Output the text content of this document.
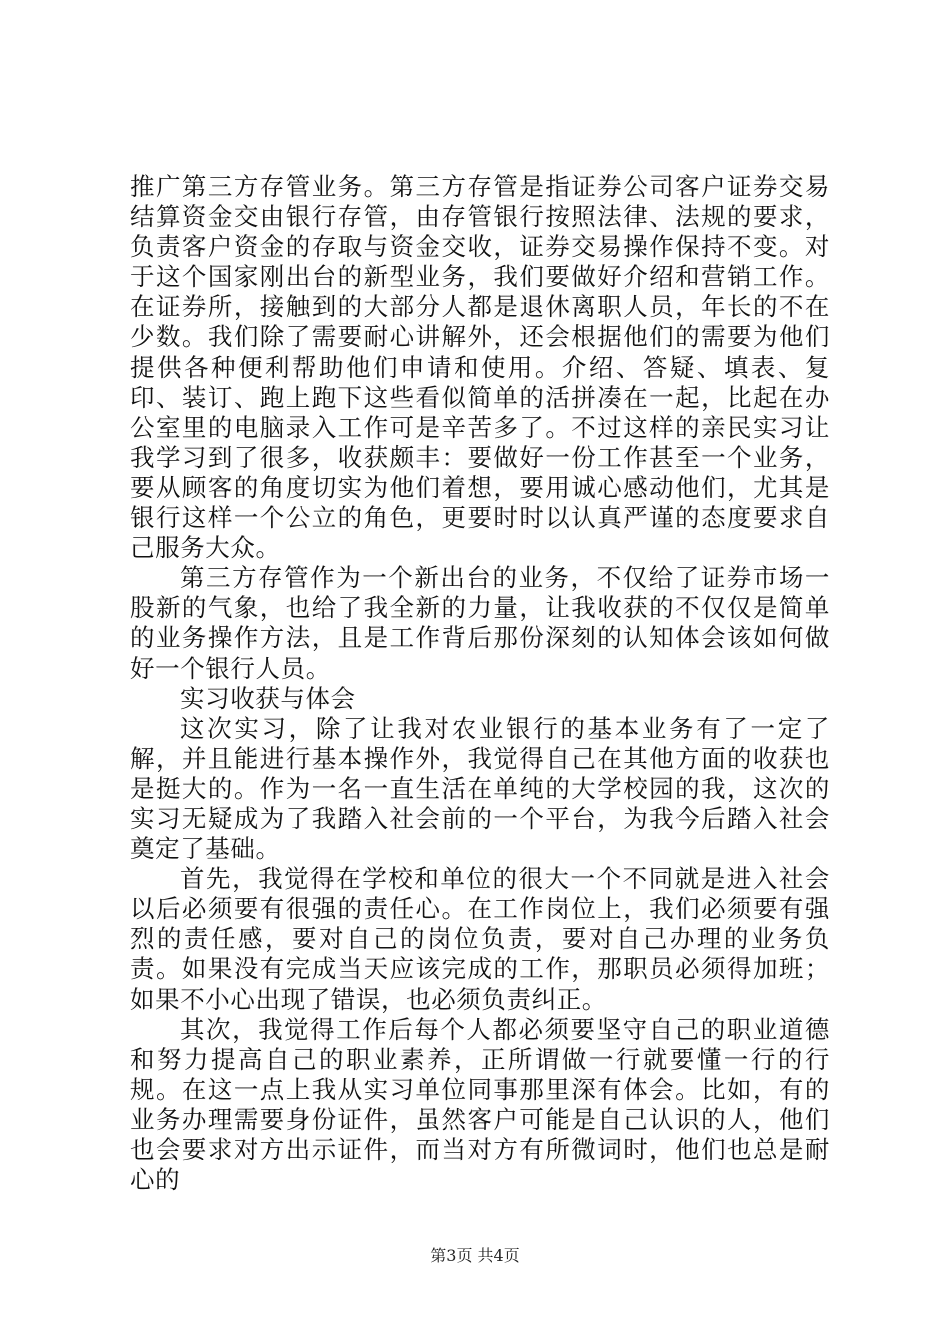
推广第三方存管业务。第三方存管是指证券公司客户证券交易结算资金交由银行存管，由存管银行按照法律、法规的要求，负责客户资金的存取与资金交收，证券交易操作保持不变。对于这个国家刚出台的新型业务，我们要做好介绍和营销工作。在证券所，接触到的大部分人都是退休离职人员，年长的不在少数。我们除了需要耐心讲解外，还会根据他们的需要为他们提供各种便利帮助他们申请和使用。介绍、答疑、填表、复印、装订、跑上跑下这些看似简单的活拼凑在一起，比起在办公室里的电脑录入工作可是辛苦多了。不过这样的亲民实习让我学习到了很多，收获颇丰：要做好一份工作甚至一个业务，要从顾客的角度切实为他们着想，要用诚心感动他们，尤其是银行这样一个公立的角色，更要时时以认真严谨的态度要求自己服务大众。

第三方存管作为一个新出台的业务，不仅给了证券市场一股新的气象，也给了我全新的力量，让我收获的不仅仅是简单的业务操作方法，且是工作背后那份深刻的认知体会该如何做好一个银行人员。

实习收获与体会

这次实习，除了让我对农业银行的基本业务有了一定了解，并且能进行基本操作外，我觉得自己在其他方面的收获也是挺大的。作为一名一直生活在单纯的大学校园的我，这次的实习无疑成为了我踏入社会前的一个平台，为我今后踏入社会奠定了基础。

首先，我觉得在学校和单位的很大一个不同就是进入社会以后必须要有很强的责任心。在工作岗位上，我们必须要有强烈的责任感，要对自己的岗位负责，要对自己办理的业务负责。如果没有完成当天应该完成的工作，那职员必须得加班；如果不小心出现了错误，也必须负责纠正。

其次，我觉得工作后每个人都必须要坚守自己的职业道德和努力提高自己的职业素养，正所谓做一行就要懂一行的行规。在这一点上我从实习单位同事那里深有体会。比如，有的业务办理需要身份证件，虽然客户可能是自己认识的人，他们也会要求对方出示证件，而当对方有所微词时，他们也总是耐心的

第3页 共4页
